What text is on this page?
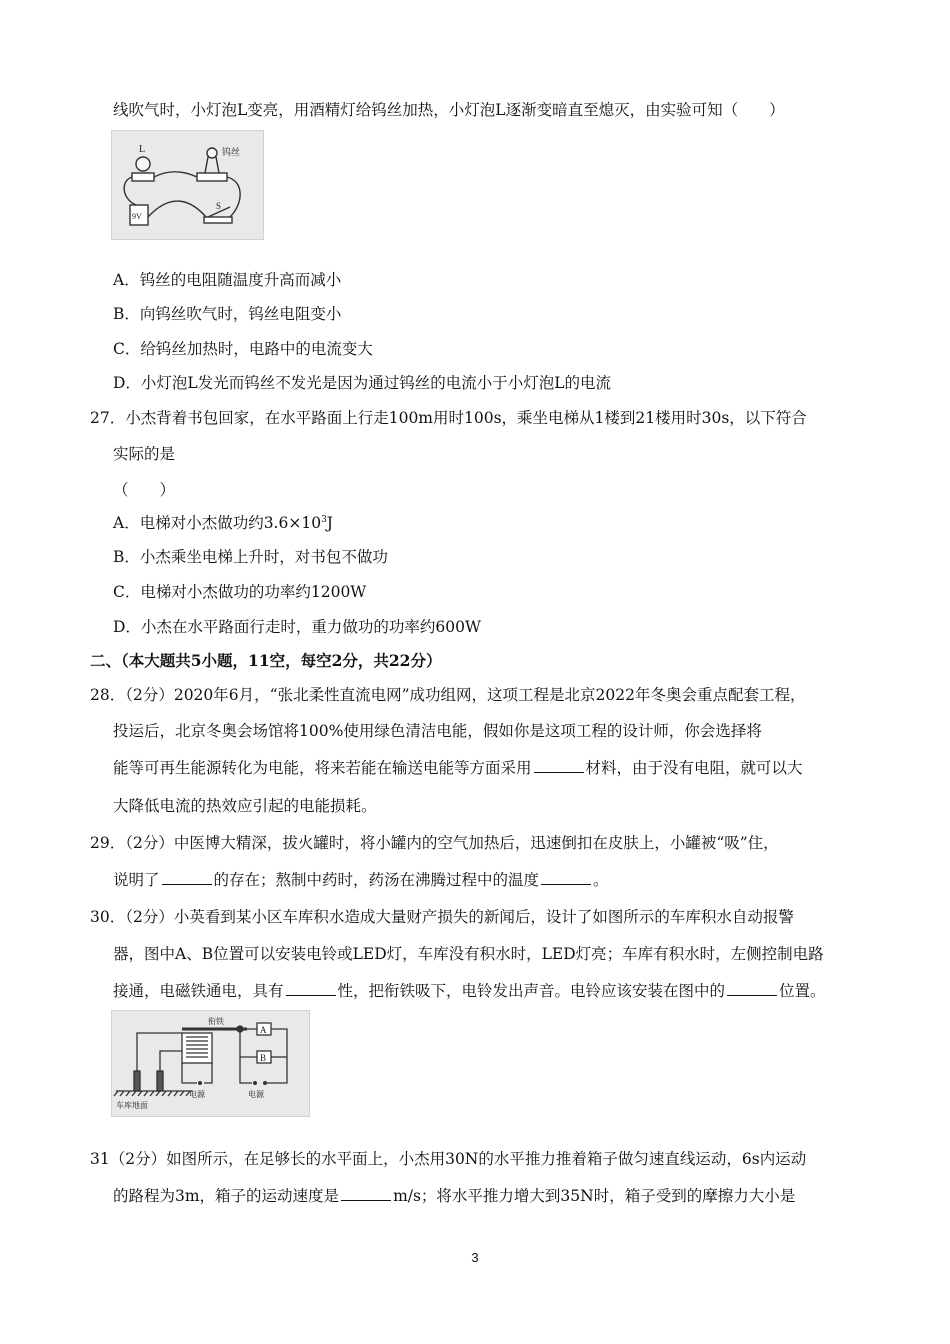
线吹气时，小灯泡L变亮，用酒精灯给钨丝加热，小灯泡L逐渐变暗直至熄灭，由实验可知（　　）
L	钨丝
9V
S
A．钨丝的电阻随温度升高而减小
B．向钨丝吹气时，钨丝电阻变小
C．给钨丝加热时，电路中的电流变大
D．小灯泡L发光而钨丝不发光是因为通过钨丝的电流小于小灯泡L的电流
27．小杰背着书包回家，在水平路面上行走100m用时100s，乘坐电梯从1楼到21楼用时30s，以下符合
实际的是
（　　）
A．电梯对小杰做功约$3.6\times 10^3J$
B．小杰乘坐电梯上升时，对书包不做功
C．电梯对小杰做功的功率约1200W
D．小杰在水平路面行走时，重力做功的功率约600W
二、（本大题共5小题，11空，每空2分，共22分）
28．（2分）2020年6月，“张北柔性直流电网”成功组网，这项工程是北京2022年冬奥会重点配套工程，
投运后，北京冬奥会场馆将100%使用绿色清洁电能，假如你是这项工程的设计师，你会选择将
能等可再生能源转化为电能，将来若能在输送电能等方面采用	材料，由于没有电阻，就可以大
大降低电流的热效应引起的电能损耗。
29．（2分）中医博大精深，拔火罐时，将小罐内的空气加热后，迅速倒扣在皮肤上，小罐被“吸”住，
说明了	的存在；熬制中药时，药汤在沸腾过程中的温度	。
30．（2分）小英看到某小区车库积水造成大量财产损失的新闻后，设计了如图所示的车库积水自动报警
器，图中A、B位置可以安装电铃或LED灯，车库没有积水时，LED灯亮；车库有积水时，左侧控制电路
接通，电磁铁通电，具有	性，把衔铁吸下，电铃发出声音。电铃应该安装在图中的	位置。
衔铁
A
B
车库地面
电源	电源
31（2分）如图所示，在足够长的水平面上，小杰用30N的水平推力推着箱子做匀速直线运动，6s内运动
的路程为3m，箱子的运动速度是	m/s；将水平推力增大到35N时，箱子受到的摩擦力大小是
3
